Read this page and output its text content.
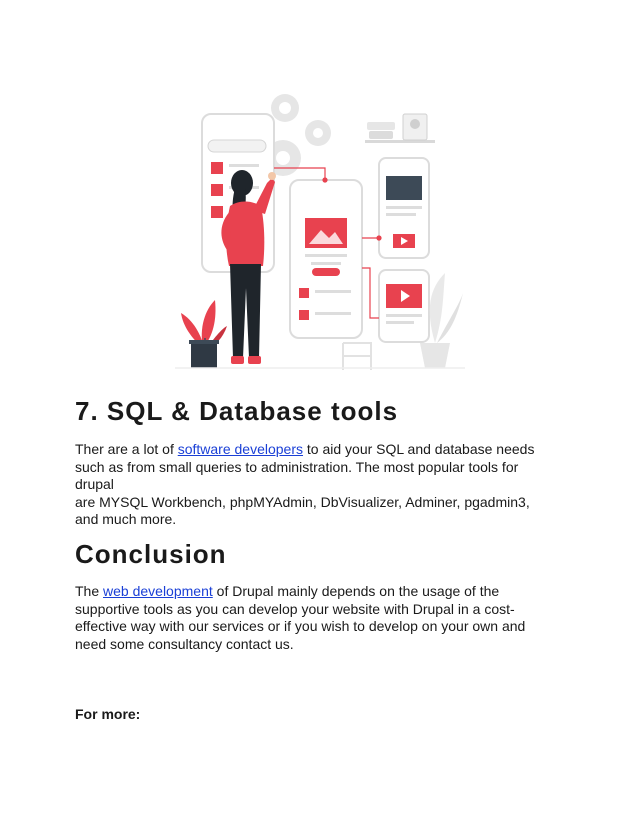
7. SQL & Database tools

Ther are a lot of software developers to aid your SQL and database needs
such as from small queries to administration. The most popular tools for
drupal
are MYSQL Workbench, phpMYAdmin, DbVisualizer, Adminer, pgadmin3,
and much more.

Conclusion

The web development of Drupal mainly depends on the usage of the
supportive tools as you can develop your website with Drupal in a cost-
effective way with our services or if you wish to develop on your own and
need some consultancy contact us.

For more:
